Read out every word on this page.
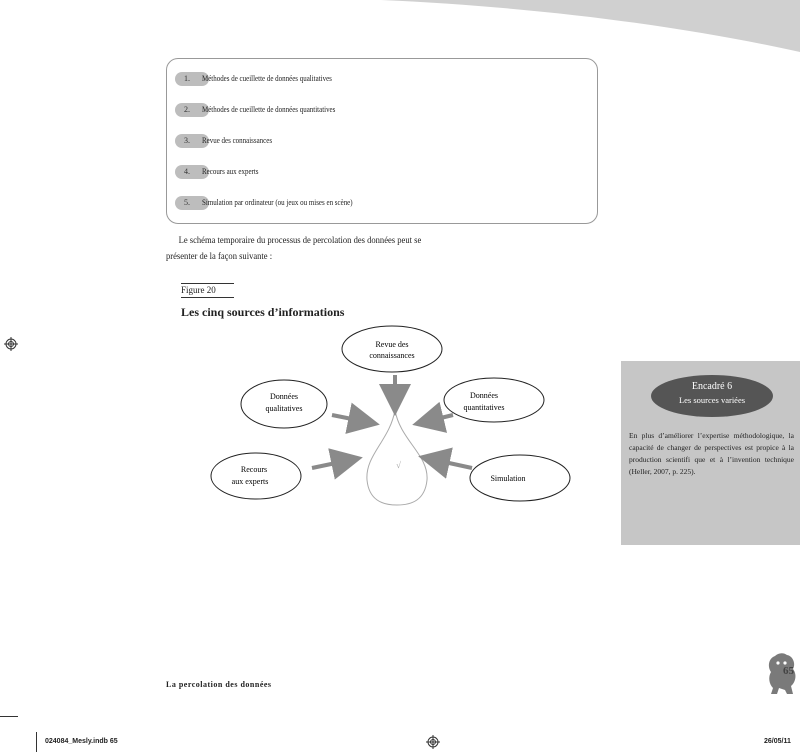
1.	Méthodes de cueillette de données qualitatives
2.	Méthodes de cueillette de données quantitatives
3.	Revue des connaissances
4.	Recours aux experts
5.	Simulation par ordinateur (ou jeux ou mises en scène)
Le schéma temporaire du processus de percolation des données peut se
présenter de la façon suivante :
Figure 20
Les cinq sources d’informations
√
Revue des
connaissances
Données
qualitatives
Données
quantitatives
Recours
aux experts	Simulation
Encadré 6
Les sources variées
En plus d’améliorer l’expertise méthodologique, la capacité de changer de perspectives est propice à la production scientifi que et à l’invention technique (Heller, 2007, p. 225).
La percolation des données
65
024084_Mesly.indb 65	26/05/11
